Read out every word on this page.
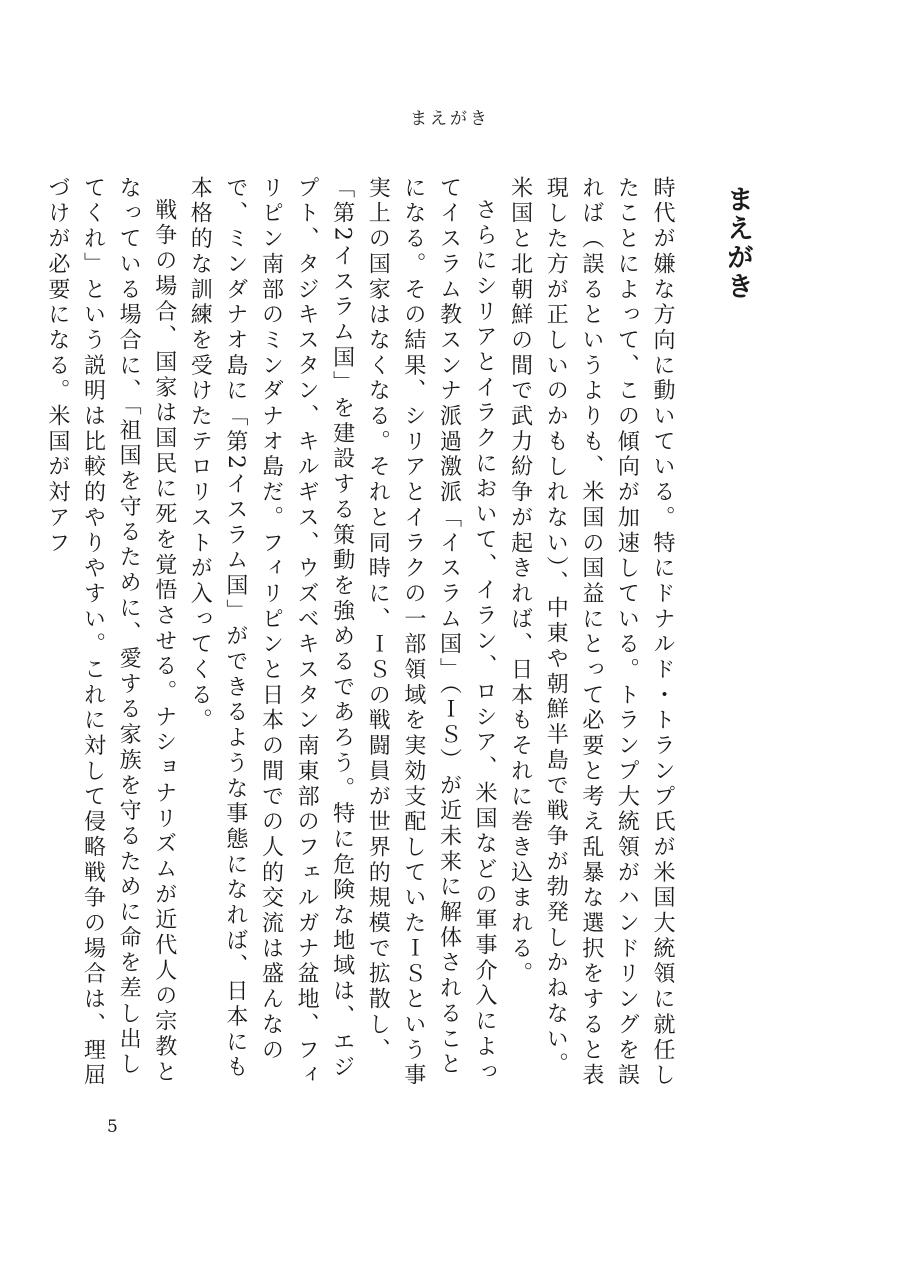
まえがき
まえがき

時代が嫌な方向に動いている。特にドナルド・トランプ氏が米国大統領に就任したことによって、この傾向が加速している。トランプ大統領がハンドリングを誤れば（誤るというよりも、米国の国益にとって必要と考え乱暴な選択をすると表現した方が正しいのかもしれない）、中東や朝鮮半島で戦争が勃発しかねない。米国と北朝鮮の間で武力紛争が起きれば、日本もそれに巻き込まれる。

さらにシリアとイラクにおいて、イラン、ロシア、米国などの軍事介入によってイスラム教スンナ派過激派「イスラム国」（ＩＳ）が近未来に解体されることになる。その結果、シリアとイラクの一部領域を実効支配していたＩＳという事実上の国家はなくなる。それと同時に、ＩＳの戦闘員が世界的規模で拡散し、「第2イスラム国」を建設する策動を強めるであろう。特に危険な地域は、エジプト、タジキスタン、キルギス、ウズベキスタン南東部のフェルガナ盆地、フィリピン南部のミンダナオ島だ。フィリピンと日本の間での人的交流は盛んなので、ミンダナオ島に「第2イスラム国」ができるような事態になれば、日本にも本格的な訓練を受けたテロリストが入ってくる。

戦争の場合、国家は国民に死を覚悟させる。ナショナリズムが近代人の宗教となっている場合に、「祖国を守るために、愛する家族を守るために命を差し出してくれ」という説明は比較的やりやすい。これに対して侵略戦争の場合は、理屈づけが必要になる。米国が対アフ

5
